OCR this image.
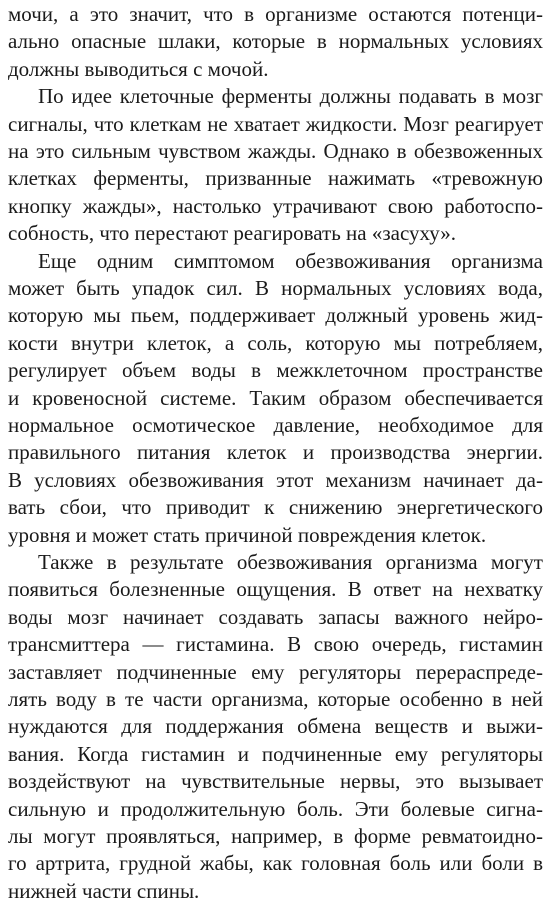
мочи, а это значит, что в организме остаются потенци-
ально опасные шлаки, которые в нормальных условиях
должны выводиться с мочой.
По идее клеточные ферменты должны подавать в мозг
сигналы, что клеткам не хватает жидкости. Мозг реагирует
на это сильным чувством жажды. Однако в обезвоженных
клетках ферменты, призванные нажимать «тревожную
кнопку жажды», настолько утрачивают свою работоспо-
собность, что перестают реагировать на «засуху».
Еще одним симптомом обезвоживания организма
может быть упадок сил. В нормальных условиях вода,
которую мы пьем, поддерживает должный уровень жид-
кости внутри клеток, а соль, которую мы потребляем,
регулирует объем воды в межклеточном пространстве
и кровеносной системе. Таким образом обеспечивается
нормальное осмотическое давление, необходимое для
правильного питания клеток и производства энергии.
В условиях обезвоживания этот механизм начинает да-
вать сбои, что приводит к снижению энергетического
уровня и может стать причиной повреждения клеток.
Также в результате обезвоживания организма могут
появиться болезненные ощущения. В ответ на нехватку
воды мозг начинает создавать запасы важного нейро-
трансмиттера — гистамина. В свою очередь, гистамин
заставляет подчиненные ему регуляторы перераспреде-
лять воду в те части организма, которые особенно в ней
нуждаются для поддержания обмена веществ и выжи-
вания. Когда гистамин и подчиненные ему регуляторы
воздействуют на чувствительные нервы, это вызывает
сильную и продолжительную боль. Эти болевые сигна-
лы могут проявляться, например, в форме ревматоидно-
го артрита, грудной жабы, как головная боль или боли в
нижней части спины.
